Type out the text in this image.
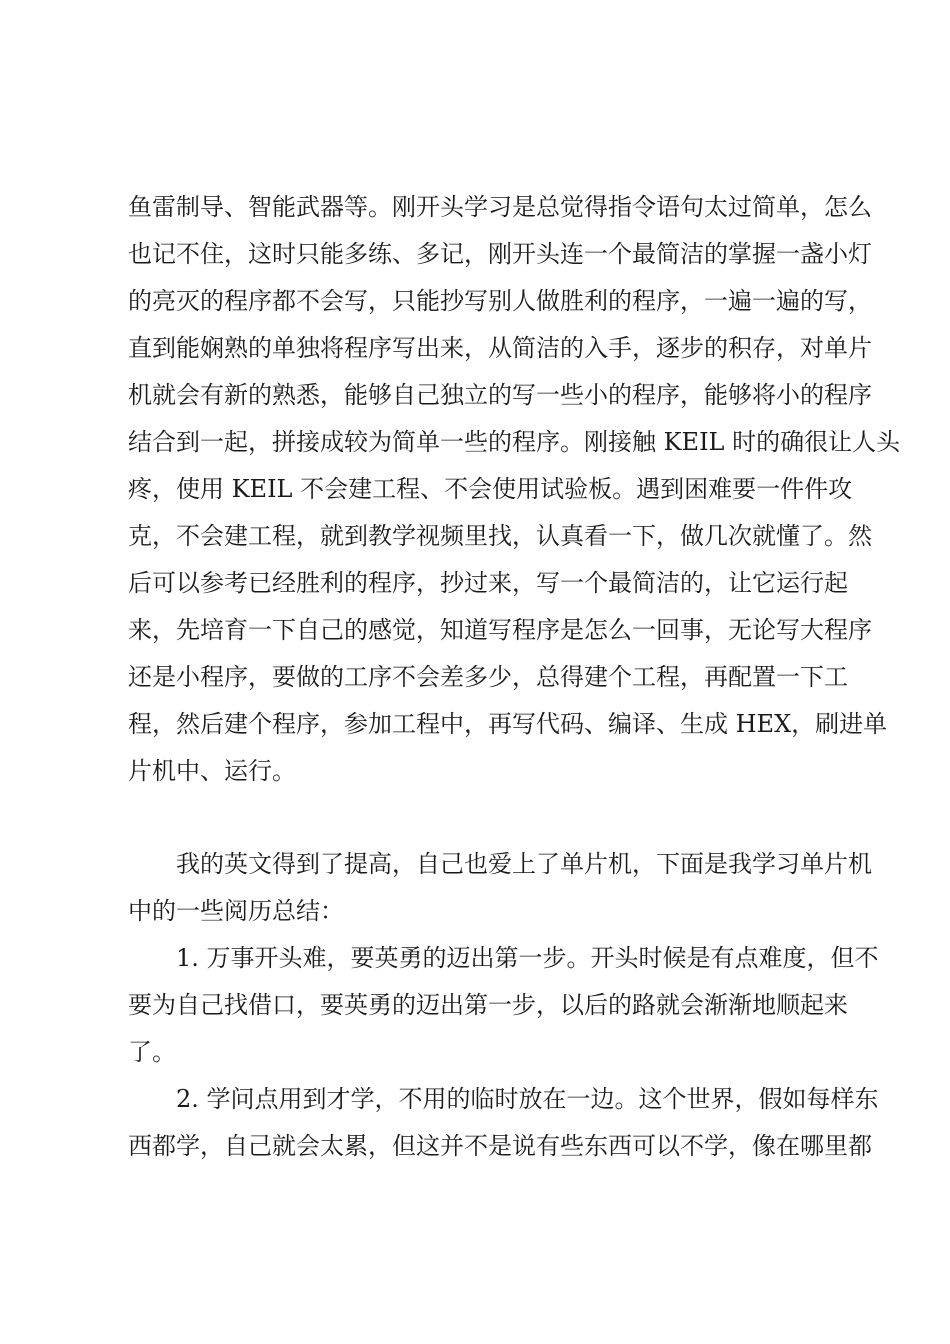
鱼雷制导、智能武器等。刚开头学习是总觉得指令语句太过简单，怎么
也记不住，这时只能多练、多记，刚开头连一个最简洁的掌握一盏小灯
的亮灭的程序都不会写，只能抄写别人做胜利的程序，一遍一遍的写，
直到能娴熟的单独将程序写出来，从简洁的入手，逐步的积存，对单片
机就会有新的熟悉，能够自己独立的写一些小的程序，能够将小的程序
结合到一起，拼接成较为简单一些的程序。刚接触 KEIL 时的确很让人头
疼，使用 KEIL 不会建工程、不会使用试验板。遇到困难要一件件攻
克，不会建工程，就到教学视频里找，认真看一下，做几次就懂了。然
后可以参考已经胜利的程序，抄过来，写一个最简洁的，让它运行起
来，先培育一下自己的感觉，知道写程序是怎么一回事，无论写大程序
还是小程序，要做的工序不会差多少，总得建个工程，再配置一下工
程，然后建个程序，参加工程中，再写代码、编译、生成 HEX，刷进单
片机中、运行。
我的英文得到了提高，自己也爱上了单片机，下面是我学习单片机
中的一些阅历总结：
1. 万事开头难，要英勇的迈出第一步。开头时候是有点难度，但不
要为自己找借口，要英勇的迈出第一步，以后的路就会渐渐地顺起来
了。
2. 学问点用到才学，不用的临时放在一边。这个世界，假如每样东
西都学，自己就会太累，但这并不是说有些东西可以不学，像在哪里都
